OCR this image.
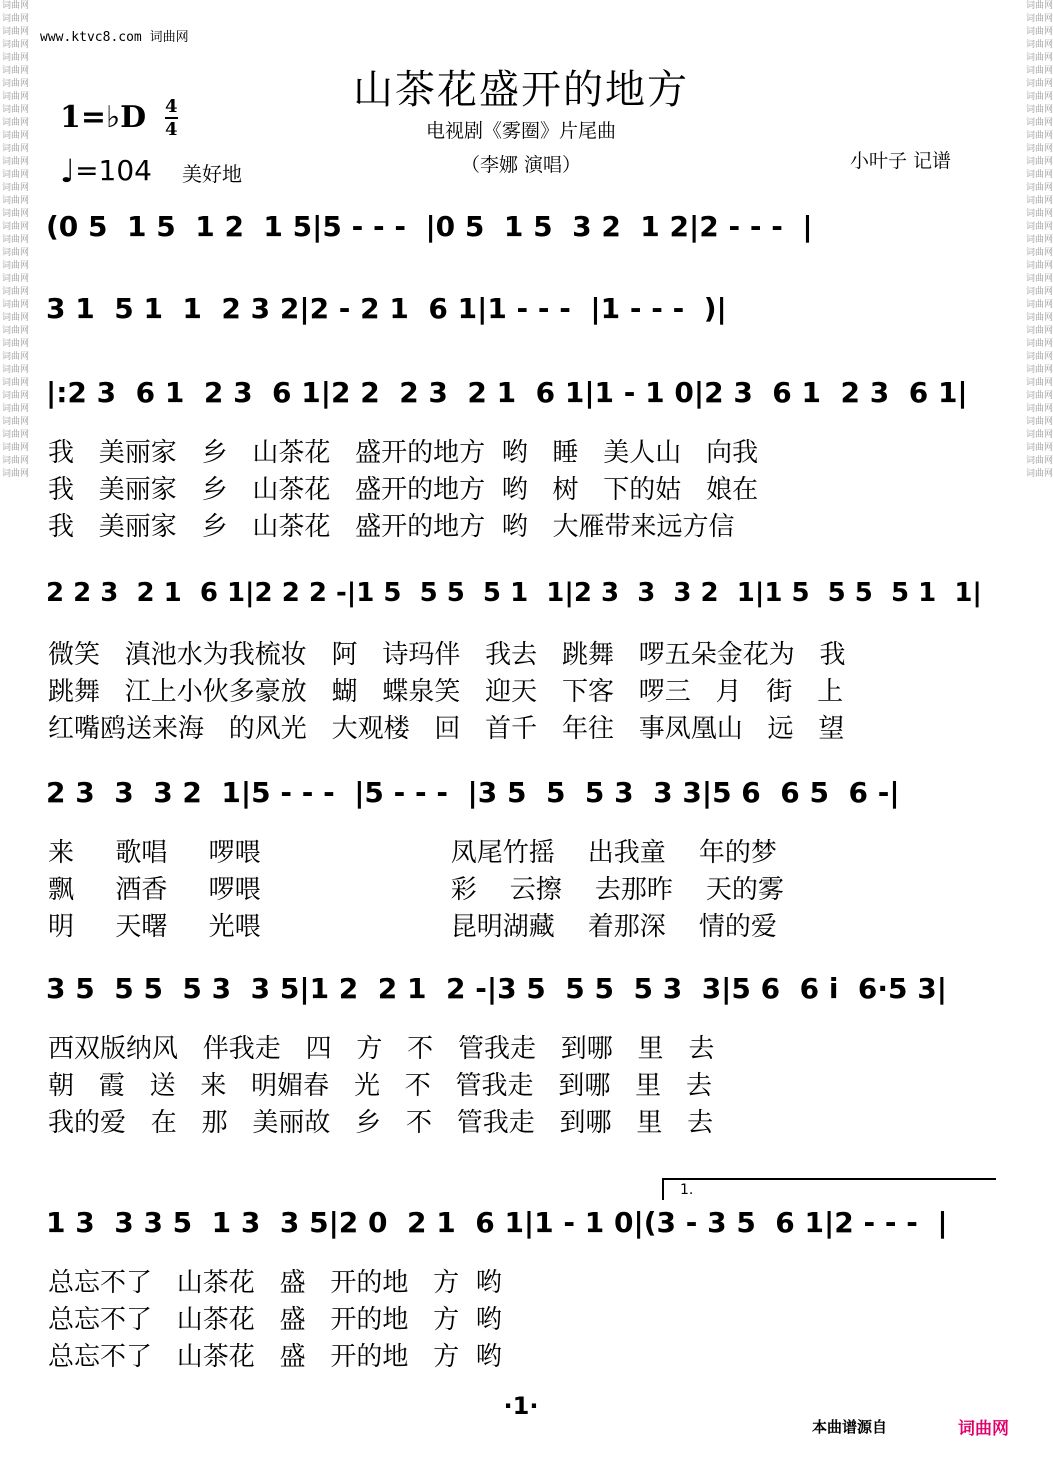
www.ktvc8.com 词曲网
山茶花盛开的地方
电视剧《雾圈》片尾曲
（李娜 演唱）
1=♭D 4
4
♩=104 美好地
小叶子 记谱
(0 5  1 5  1 2  1 5|5 - - -  |0 5  1 5  3 2  1 2|2 - - -  |
3 1  5 1  1  2 3 2|2 - 2 1  6 1|1 - - -  |1 - - -  )|
|:2 3  6 1  2 3  6 1|2 2  2 3  2 1  6 1|1 - 1 0|2 3  6 1  2 3  6 1|
我   美丽家   乡   山茶花   盛开的地方  哟   睡   美人山   向我
我   美丽家   乡   山茶花   盛开的地方  哟   树   下的姑   娘在
我   美丽家   乡   山茶花   盛开的地方  哟   大雁带来远方信
2 2 3  2 1  6 1|2 2 2 -|1 5  5 5  5 1  1|2 3  3  3 2  1|1 5  5 5  5 1  1|
微笑   滇池水为我梳妆   阿   诗玛伴   我去   跳舞   啰五朵金花为   我
跳舞   江上小伙多豪放   蝴   蝶泉笑   迎天   下客   啰三   月   街   上
红嘴鸥送来海   的风光   大观楼   回   首千   年往   事凤凰山   远   望
2 3  3  3 2  1|5 - - -  |5 - - -  |3 5  5  5 3  3 3|5 6  6 5  6 -|
来     歌唱     啰喂                       凤尾竹摇    出我童    年的梦
飘     酒香     啰喂                       彩    云擦    去那昨    天的雾
明     天曙     光喂                       昆明湖藏    着那深    情的爱
3 5  5 5  5 3  3 5|1 2  2 1  2 -|3 5  5 5  5 3  3|5 6  6 i  6·5 3|
西双版纳风   伴我走   四   方   不   管我走   到哪   里   去
朝   霞   送   来   明媚春   光   不   管我走   到哪   里   去
我的爱   在   那   美丽故   乡   不   管我走   到哪   里   去
1 3  3 3 5  1 3  3 5|2 0  2 1  6 1|1 - 1 0|(3 - 3 5  6 1|2 - - -  |
总忘不了   山茶花   盛   开的地   方  哟
总忘不了   山茶花   盛   开的地   方  哟
总忘不了   山茶花   盛   开的地   方  哟
1.
·1·
本曲谱源自	词曲网
词曲网
词曲网
词曲网
词曲网
词曲网
词曲网
词曲网
词曲网
词曲网
词曲网
词曲网
词曲网
词曲网
词曲网
词曲网
词曲网
词曲网
词曲网
词曲网
词曲网
词曲网
词曲网
词曲网
词曲网
词曲网
词曲网
词曲网
词曲网
词曲网
词曲网
词曲网
词曲网
词曲网
词曲网
词曲网
词曲网
词曲网

词曲网
词曲网
词曲网
词曲网
词曲网
词曲网
词曲网
词曲网
词曲网
词曲网
词曲网
词曲网
词曲网
词曲网
词曲网
词曲网
词曲网
词曲网
词曲网
词曲网
词曲网
词曲网
词曲网
词曲网
词曲网
词曲网
词曲网
词曲网
词曲网
词曲网
词曲网
词曲网
词曲网
词曲网
词曲网
词曲网
词曲网
